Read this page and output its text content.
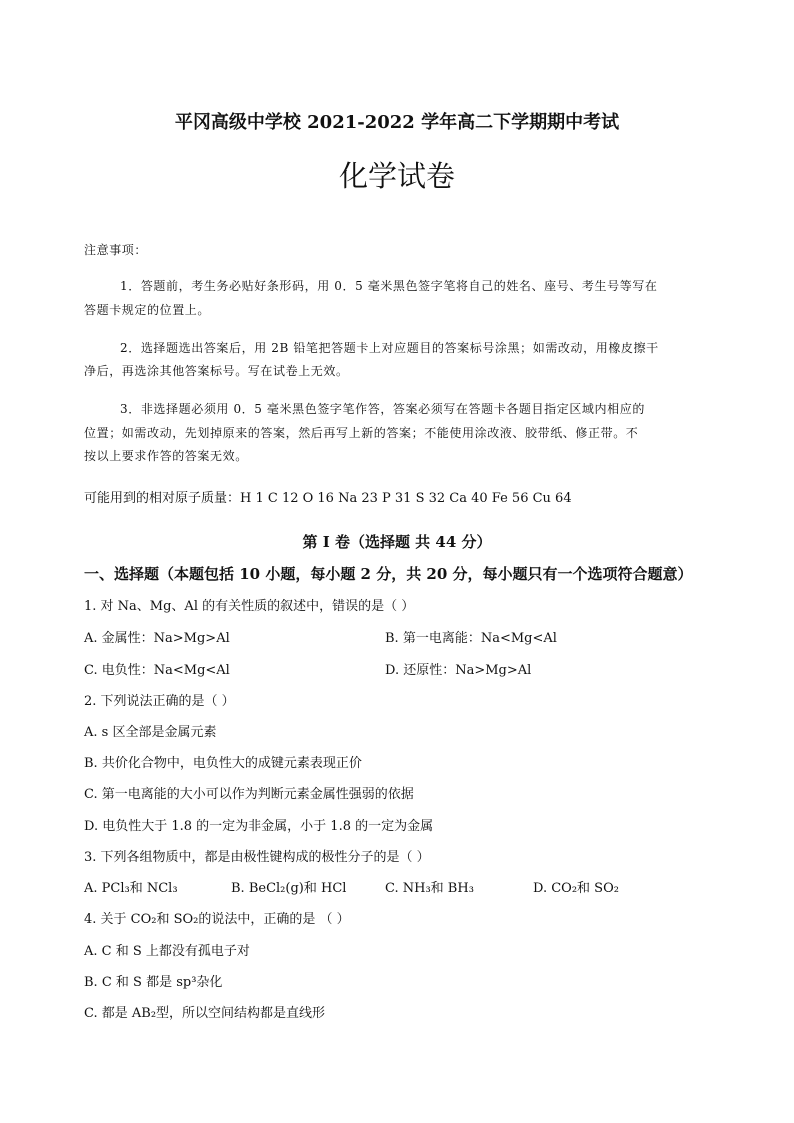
平冈高级中学校 2021-2022 学年高二下学期期中考试
化学试卷
注意事项：
1．答题前，考生务必贴好条形码，用 0．5 毫米黑色签字笔将自己的姓名、座号、考生号等写在
答题卡规定的位置上。
2．选择题选出答案后，用 2B 铅笔把答题卡上对应题目的答案标号涂黑；如需改动，用橡皮擦干
净后，再选涂其他答案标号。写在试卷上无效。
3．非选择题必须用 0．5 毫米黑色签字笔作答，答案必须写在答题卡各题目指定区域内相应的
位置；如需改动，先划掉原来的答案，然后再写上新的答案；不能使用涂改液、胶带纸、修正带。不
按以上要求作答的答案无效。
可能用到的相对原子质量：H 1 C 12 O 16 Na 23 P 31 S 32 Ca 40 Fe 56 Cu 64
第 I 卷（选择题 共 44 分）
一、选择题（本题包括 10 小题，每小题 2 分，共 20 分，每小题只有一个选项符合题意）
1. 对 Na、Mg、Al 的有关性质的叙述中，错误的是（ ）
A. 金属性：Na>Mg>Al	B. 第一电离能：Na<Mg<Al
C. 电负性：Na<Mg<Al	D. 还原性：Na>Mg>Al
2. 下列说法正确的是（ ）
A. s 区全部是金属元素
B. 共价化合物中，电负性大的成键元素表现正价
C. 第一电离能的大小可以作为判断元素金属性强弱的依据
D. 电负性大于 1.8 的一定为非金属，小于 1.8 的一定为金属
3. 下列各组物质中，都是由极性键构成的极性分子的是（ ）
A. PCl₃和 NCl₃	B. BeCl₂(g)和 HCl	C. NH₃和 BH₃	D. CO₂和 SO₂
4. 关于 CO₂和 SO₂的说法中，正确的是 （ ）
A. C 和 S 上都没有孤电子对
B. C 和 S 都是 sp³杂化
C. 都是 AB₂型，所以空间结构都是直线形
